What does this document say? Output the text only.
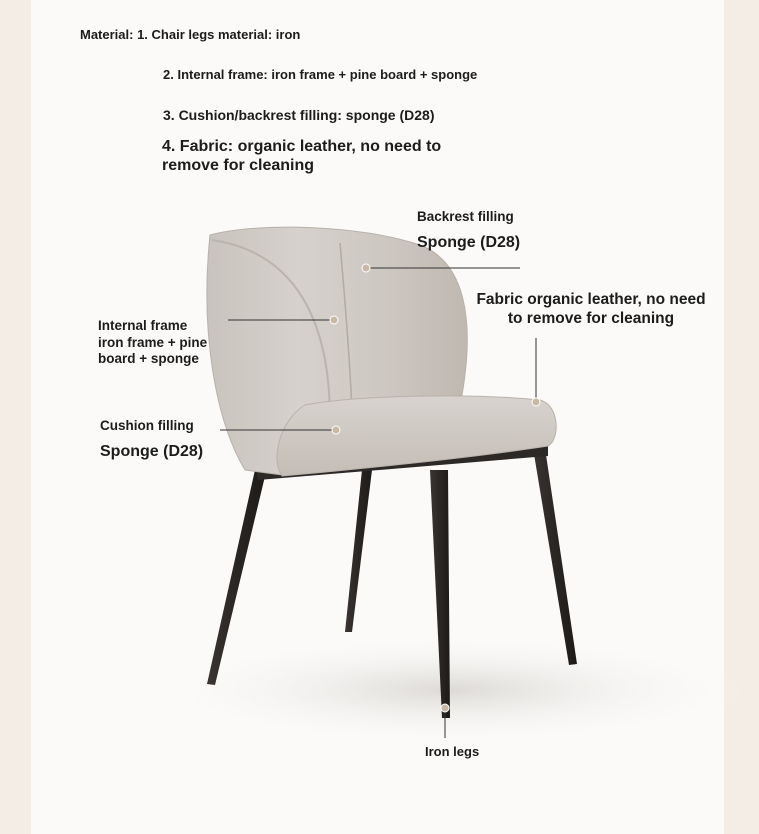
Material: 1. Chair legs material: iron
2. Internal frame: iron frame + pine board + sponge
3. Cushion/backrest filling: sponge (D28)
4. Fabric: organic leather, no need to remove for cleaning
Backrest filling
Sponge (D28)
Internal frame
iron frame + pine board + sponge
Cushion filling
Sponge (D28)
Fabric organic leather, no need to remove for cleaning
Iron legs
